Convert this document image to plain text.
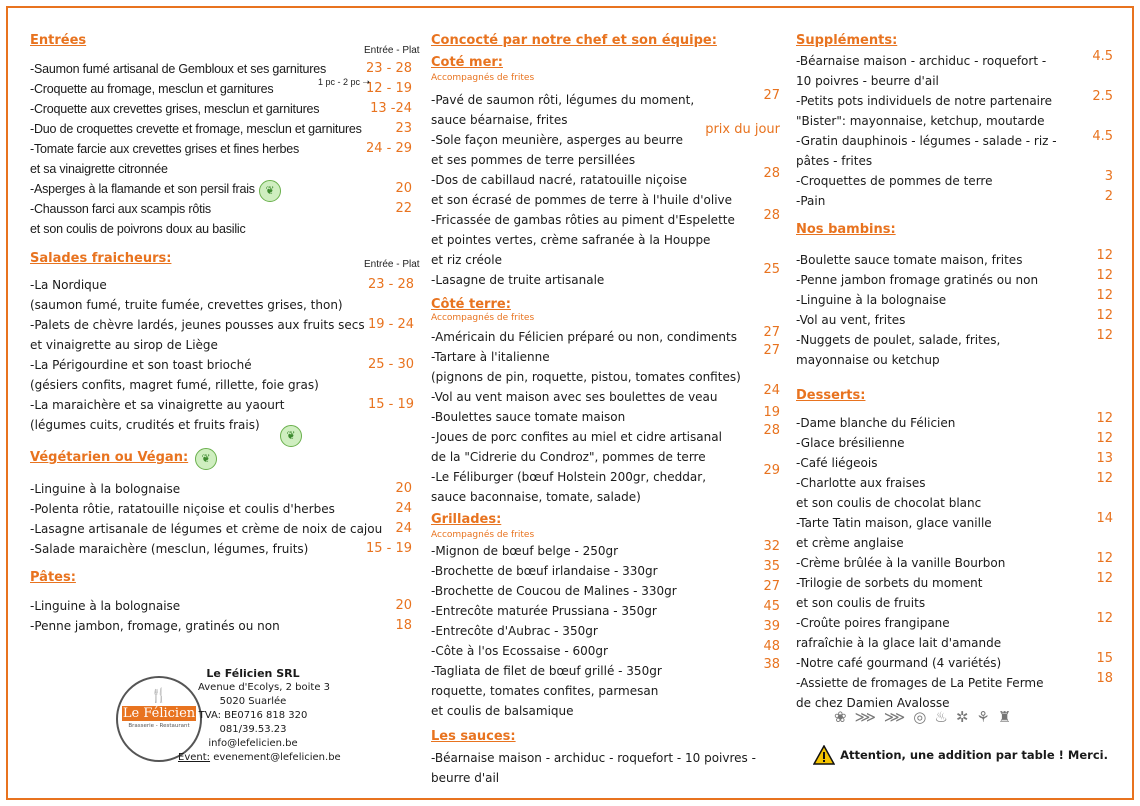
Entrées
Entrée - Plat
-Saumon fumé artisanal de Gembloux et ses garnitures	23 - 28
-Croquette au fromage, mesclun et garnitures	12 - 19
1 pc - 2 pc ➝
-Croquette aux crevettes grises, mesclun et garnitures	13 -24
-Duo de croquettes crevette et fromage, mesclun et garnitures	23
-Tomate farcie aux crevettes grises et fines herbes
et sa vinaigrette citronnée
24 - 29
-Asperges à la flamande et son persil frais	20
-Chausson farci aux scampis rôtis
et son coulis de poivrons doux au basilic
22
Salades fraicheurs:	Entrée - Plat
-La Nordique
(saumon fumé, truite fumée, crevettes grises, thon)
23 - 28
-Palets de chèvre lardés, jeunes pousses aux fruits secs
et vinaigrette au sirop de Liège
19 - 24
-La Périgourdine et son toast brioché
(gésiers confits, magret fumé, rillette, foie gras)
25 - 30
-La maraichère et sa vinaigrette au yaourt
(légumes cuits, crudités et fruits frais)
15 - 19
Végétarien ou Végan:	❦
-Linguine à la bolognaise	20
-Polenta rôtie, ratatouille niçoise et coulis d'herbes	24
-Lasagne artisanale de légumes et crème de noix de cajou 24
-Salade maraichère (mesclun, légumes, fruits)	15 - 19
Pâtes:
-Linguine à la bolognaise	20
-Penne jambon, fromage, gratinés ou non	18
🍴
Le Félicien
Brasserie - Restaurant
Le Félicien SRL
Avenue d'Ecolys, 2 boite 3
5020 Suarlée
TVA: BE0716 818 320
081/39.53.23
info@lefelicien.be
Event: evenement@lefelicien.be
Concocté par notre chef et son équipe:
Coté mer:
Accompagnés de frites
-Pavé de saumon rôti, légumes du moment,
sauce béarnaise, frites
27
-Sole façon meunière, asperges au beurre
et ses pommes de terre persillées
prix du jour
-Dos de cabillaud nacré, ratatouille niçoise
et son écrasé de pommes de terre à l'huile d'olive
28
-Fricassée de gambas rôties au piment d'Espelette
et pointes vertes, crème safranée à la Houppe
et riz créole
28
-Lasagne de truite artisanale
25
Côté terre:
Accompagnés de frites
-Américain du Félicien préparé ou non, condiments 27
-Tartare à l'italienne
(pignons de pin, roquette, pistou, tomates confites)
27
-Vol au vent maison avec ses boulettes de veau	24
-Boulettes sauce tomate maison	19
-Joues de porc confites au miel et cidre artisanal
de la "Cidrerie du Condroz", pommes de terre
28
-Le Féliburger (bœuf Holstein 200gr, cheddar,
sauce baconnaise, tomate, salade)
29
Grillades:
Accompagnés de frites
-Mignon de bœuf belge - 250gr	32
-Brochette de bœuf irlandaise - 330gr	35
-Brochette de Coucou de Malines - 330gr	27
-Entrecôte maturée Prussiana - 350gr	45
-Entrecôte d'Aubrac - 350gr	39
-Côte à l'os Ecossaise - 600gr	48
-Tagliata de filet de bœuf grillé - 350gr
roquette, tomates confites, parmesan
et coulis de balsamique
38
Les sauces:
-Béarnaise maison - archiduc - roquefort - 10 poivres -
beurre d'ail
Suppléments:
-Béarnaise maison - archiduc - roquefort -
10 poivres - beurre d'ail
4.5
-Petits pots individuels de notre partenaire
"Bister": mayonnaise, ketchup, moutarde
2.5
-Gratin dauphinois - légumes - salade - riz -
pâtes - frites
4.5
-Croquettes de pommes de terre	3
-Pain	2
Nos bambins:
-Boulette sauce tomate maison, frites	12
-Penne jambon fromage gratinés ou non	12
-Linguine à la bolognaise	12
-Vol au vent, frites	12
-Nuggets de poulet, salade, frites,
mayonnaise ou ketchup
12
Desserts:
-Dame blanche du Félicien	12
-Glace brésilienne	12
-Café liégeois	13
-Charlotte aux fraises
et son coulis de chocolat blanc
12
-Tarte Tatin maison, glace vanille
et crème anglaise
14
-Crème brûlée à la vanille Bourbon	12
-Trilogie de sorbets du moment
et son coulis de fruits
12
-Croûte poires frangipane
rafraîchie à la glace lait d'amande
12
-Notre café gourmand (4 variétés)	15
-Assiette de fromages de La Petite Ferme
de chez Damien Avalosse
18
❀⋙⋙◎♨✲⚘♜
Attention, une addition par table ! Merci.
❦
❦
